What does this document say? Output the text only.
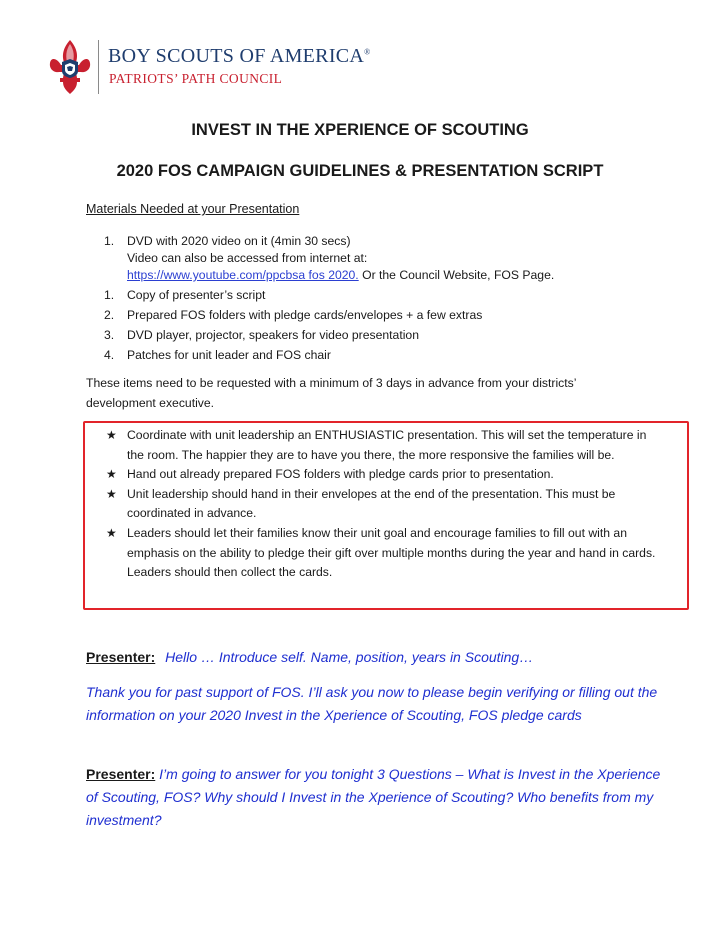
BOY SCOUTS OF AMERICA®
PATRIOTS’ PATH COUNCIL
INVEST IN THE XPERIENCE OF SCOUTING
2020 FOS CAMPAIGN GUIDELINES & PRESENTATION SCRIPT
Materials Needed at your Presentation
1. DVD with 2020 video on it (4min 30 secs)
Video can also be accessed from internet at:
https://www.youtube.com/ppcbsa fos 2020. Or the Council Website, FOS Page.
1. Copy of presenter’s script
2. Prepared FOS folders with pledge cards/envelopes + a few extras
3. DVD player, projector, speakers for video presentation
4. Patches for unit leader and FOS chair
These items need to be requested with a minimum of 3 days in advance from your districts’ development executive.
★ Coordinate with unit leadership an ENTHUSIASTIC presentation. This will set the temperature in the room. The happier they are to have you there, the more responsive the families will be.
★ Hand out already prepared FOS folders with pledge cards prior to presentation.
★ Unit leadership should hand in their envelopes at the end of the presentation. This must be coordinated in advance.
★ Leaders should let their families know their unit goal and encourage families to fill out with an emphasis on the ability to pledge their gift over multiple months during the year and hand in cards. Leaders should then collect the cards.
Presenter: Hello … Introduce self. Name, position, years in Scouting…
Thank you for past support of FOS. I’ll ask you now to please begin verifying or filling out the information on your 2020 Invest in the Xperience of Scouting, FOS pledge cards
Presenter: I’m going to answer for you tonight 3 Questions – What is Invest in the Xperience of Scouting, FOS? Why should I Invest in the Xperience of Scouting? Who benefits from my investment?
